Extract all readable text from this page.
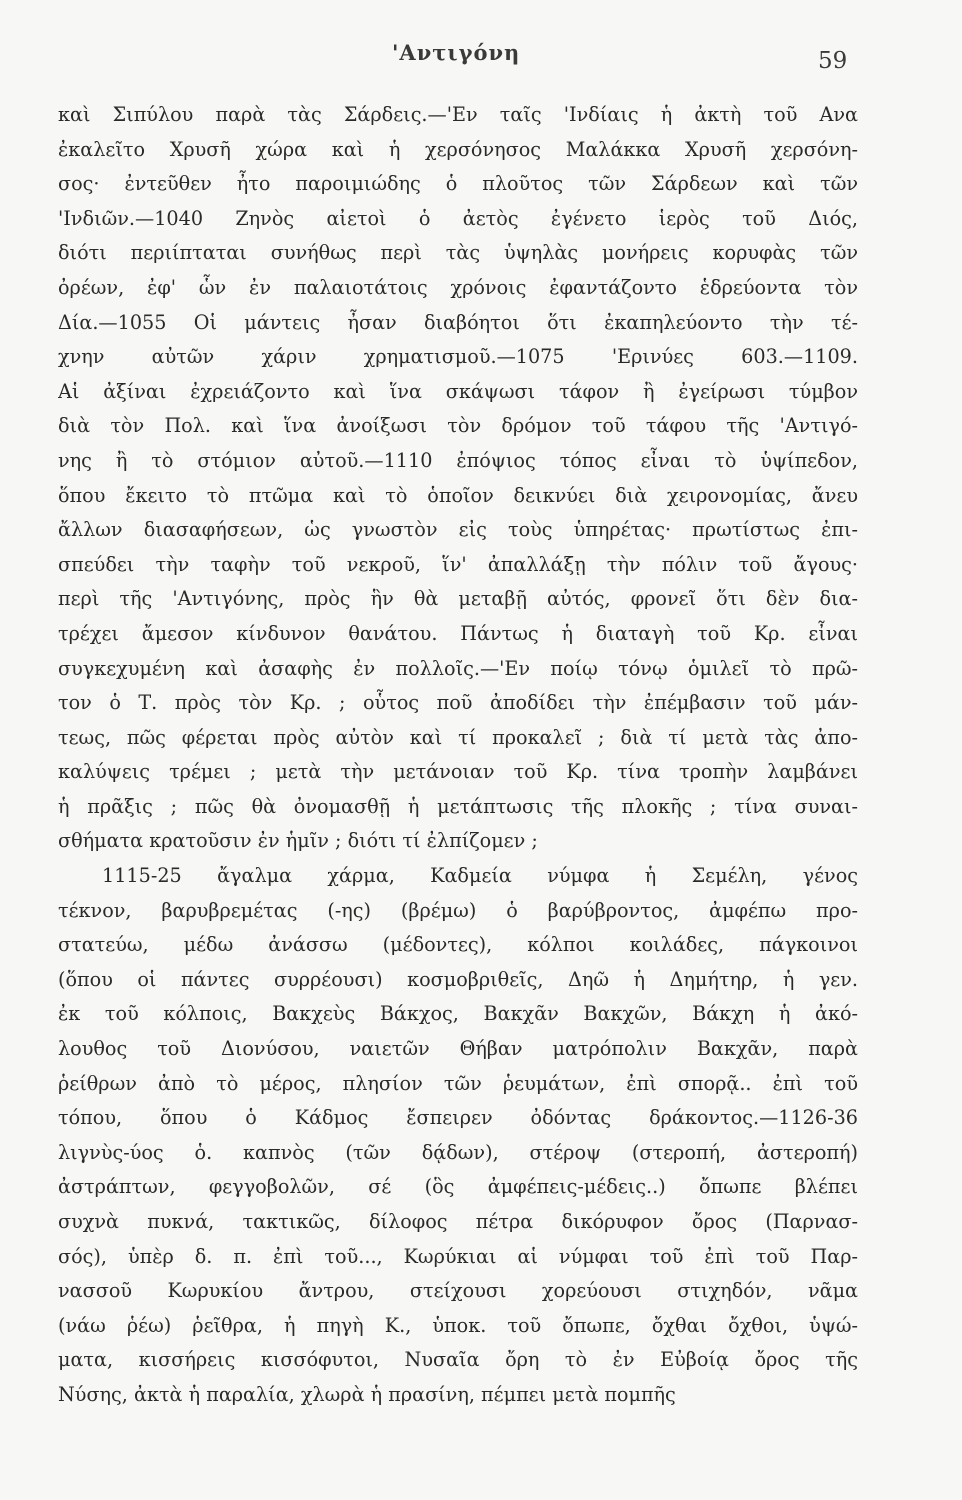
'Αντιγόνη	59
καὶ Σιπύλου παρὰ τὰς Σάρδεις.—'Εν ταῖς 'Ινδίαις ἡ ἀκτὴ τοῦ Ανα
ἐκαλεῖτο Χρυσῆ χώρα καὶ ἡ χερσόνησος Μαλάκκα Χρυσῆ χερσόνη-
σος· ἐντεῦθεν ἦτο παροιμιώδης ὁ πλοῦτος τῶν Σάρδεων καὶ τῶν
'Ινδιῶν.—1040 Ζηνὸς αἰετοὶ ὁ ἀετὸς ἐγένετο ἱερὸς τοῦ Διός,
διότι περιίπταται συνήθως περὶ τὰς ὑψηλὰς μονήρεις κορυφὰς τῶν
ὀρέων, ἐφ' ὧν ἐν παλαιοτάτοις χρόνοις ἐφαντάζοντο ἑδρεύοντα τὸν
Δία.—1055 Οἱ μάντεις ἦσαν διαβόητοι ὅτι ἐκαπηλεύοντο τὴν τέ-
χνην αὐτῶν χάριν χρηματισμοῦ.—1075 'Ερινύες 603.—1109.
Αἱ ἀξίναι ἐχρειάζοντο καὶ ἵνα σκάψωσι τάφον ἢ ἐγείρωσι τύμβον
διὰ τὸν Πολ. καὶ ἵνα ἀνοίξωσι τὸν δρόμον τοῦ τάφου τῆς 'Αντιγό-
νης ἢ τὸ στόμιον αὐτοῦ.—1110 ἐπόψιος τόπος εἶναι τὸ ὑψίπεδον,
ὅπου ἔκειτο τὸ πτῶμα καὶ τὸ ὁποῖον δεικνύει διὰ χειρονομίας, ἄνευ
ἄλλων διασαφήσεων, ὡς γνωστὸν εἰς τοὺς ὑπηρέτας· πρωτίστως ἐπι-
σπεύδει τὴν ταφὴν τοῦ νεκροῦ, ἵν' ἀπαλλάξῃ τὴν πόλιν τοῦ ἄγους·
περὶ τῆς 'Αντιγόνης, πρὸς ἣν θὰ μεταβῇ αὐτός, φρονεῖ ὅτι δὲν δια-
τρέχει ἄμεσον κίνδυνον θανάτου. Πάντως ἡ διαταγὴ τοῦ Κρ. εἶναι
συγκεχυμένη καὶ ἀσαφὴς ἐν πολλοῖς.—'Εν ποίῳ τόνῳ ὁμιλεῖ τὸ πρῶ-
τον ὁ Τ. πρὸς τὸν Κρ. ; οὗτος ποῦ ἀποδίδει τὴν ἐπέμβασιν τοῦ μάν-
τεως, πῶς φέρεται πρὸς αὐτὸν καὶ τί προκαλεῖ ; διὰ τί μετὰ τὰς ἀπο-
καλύψεις τρέμει ; μετὰ τὴν μετάνοιαν τοῦ Κρ. τίνα τροπὴν λαμβάνει
ἡ πρᾶξις ; πῶς θὰ ὀνομασθῇ ἡ μετάπτωσις τῆς πλοκῆς ; τίνα συναι-
σθήματα κρατοῦσιν ἐν ἡμῖν ; διότι τί ἐλπίζομεν ;
1115-25 ἄγαλμα χάρμα, Καδμεία νύμφα ἡ Σεμέλη, γένος
τέκνον, βαρυβρεμέτας (-ης) (βρέμω) ὁ βαρύβροντος, ἀμφέπω προ-
στατεύω, μέδω ἀνάσσω (μέδοντες), κόλποι κοιλάδες, πάγκοινοι
(ὅπου οἱ πάντες συρρέουσι) κοσμοβριθεῖς, Δηῶ ἡ Δημήτηρ, ἡ γεν.
ἐκ τοῦ κόλποις, Βακχεὺς Βάκχος, Βακχᾶν Βακχῶν, Βάκχη ἡ ἀκό-
λουθος τοῦ Διονύσου, ναιετῶν Θήβαν ματρόπολιν Βακχᾶν, παρὰ
ῥείθρων ἀπὸ τὸ μέρος, πλησίον τῶν ῥευμάτων, ἐπὶ σπορᾷ.. ἐπὶ τοῦ
τόπου, ὅπου ὁ Κάδμος ἔσπειρεν ὀδόντας δράκοντος.—1126-36
λιγνὺς-ύος ὁ. καπνὸς (τῶν δᾴδων), στέροψ (στεροπή, ἀστεροπή)
ἀστράπτων, φεγγοβολῶν, σέ (ὃς ἀμφέπεις-μέδεις..) ὄπωπε βλέπει
συχνὰ πυκνά, τακτικῶς, δίλοφος πέτρα δικόρυφον ὄρος (Παρνασ-
σός), ὑπὲρ δ. π. ἐπὶ τοῦ..., Κωρύκιαι αἱ νύμφαι τοῦ ἐπὶ τοῦ Παρ-
νασσοῦ Κωρυκίου ἄντρου, στείχουσι χορεύουσι στιχηδόν, νᾶμα
(νάω ῥέω) ῥεῖθρα, ἡ πηγὴ Κ., ὑποκ. τοῦ ὄπωπε, ὄχθαι ὄχθοι, ὑψώ-
ματα, κισσήρεις κισσόφυτοι, Νυσαῖα ὄρη τὸ ἐν Εὐβοίᾳ ὄρος τῆς
Νύσης, ἀκτὰ ἡ παραλία, χλωρὰ ἡ πρασίνη, πέμπει μετὰ πομπῆς
